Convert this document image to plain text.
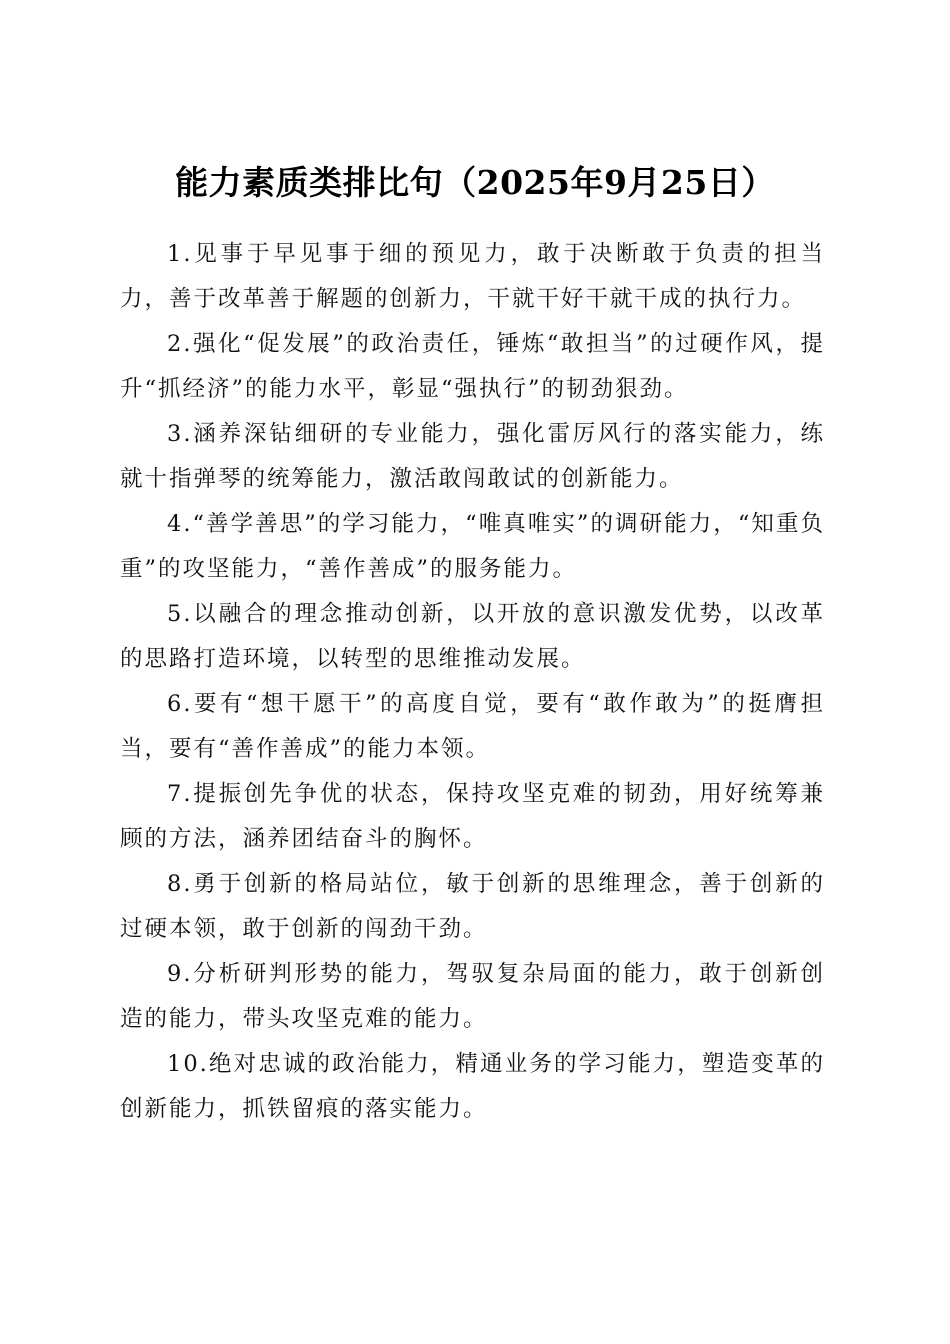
能力素质类排比句（2025年9月25日）

1.见事于早见事于细的预见力，敢于决断敢于负责的担当力，善于改革善于解题的创新力，干就干好干就干成的执行力。

2.强化“促发展”的政治责任，锤炼“敢担当”的过硬作风，提升“抓经济”的能力水平，彰显“强执行”的韧劲狠劲。

3.涵养深钻细研的专业能力，强化雷厉风行的落实能力，练就十指弹琴的统筹能力，激活敢闯敢试的创新能力。

4.“善学善思”的学习能力，“唯真唯实”的调研能力，“知重负重”的攻坚能力，“善作善成”的服务能力。

5.以融合的理念推动创新，以开放的意识激发优势，以改革的思路打造环境，以转型的思维推动发展。

6.要有“想干愿干”的高度自觉，要有“敢作敢为”的挺膺担当，要有“善作善成”的能力本领。

7.提振创先争优的状态，保持攻坚克难的韧劲，用好统筹兼顾的方法，涵养团结奋斗的胸怀。

8.勇于创新的格局站位，敏于创新的思维理念，善于创新的过硬本领，敢于创新的闯劲干劲。

9.分析研判形势的能力，驾驭复杂局面的能力，敢于创新创造的能力，带头攻坚克难的能力。

10.绝对忠诚的政治能力，精通业务的学习能力，塑造变革的创新能力，抓铁留痕的落实能力。
